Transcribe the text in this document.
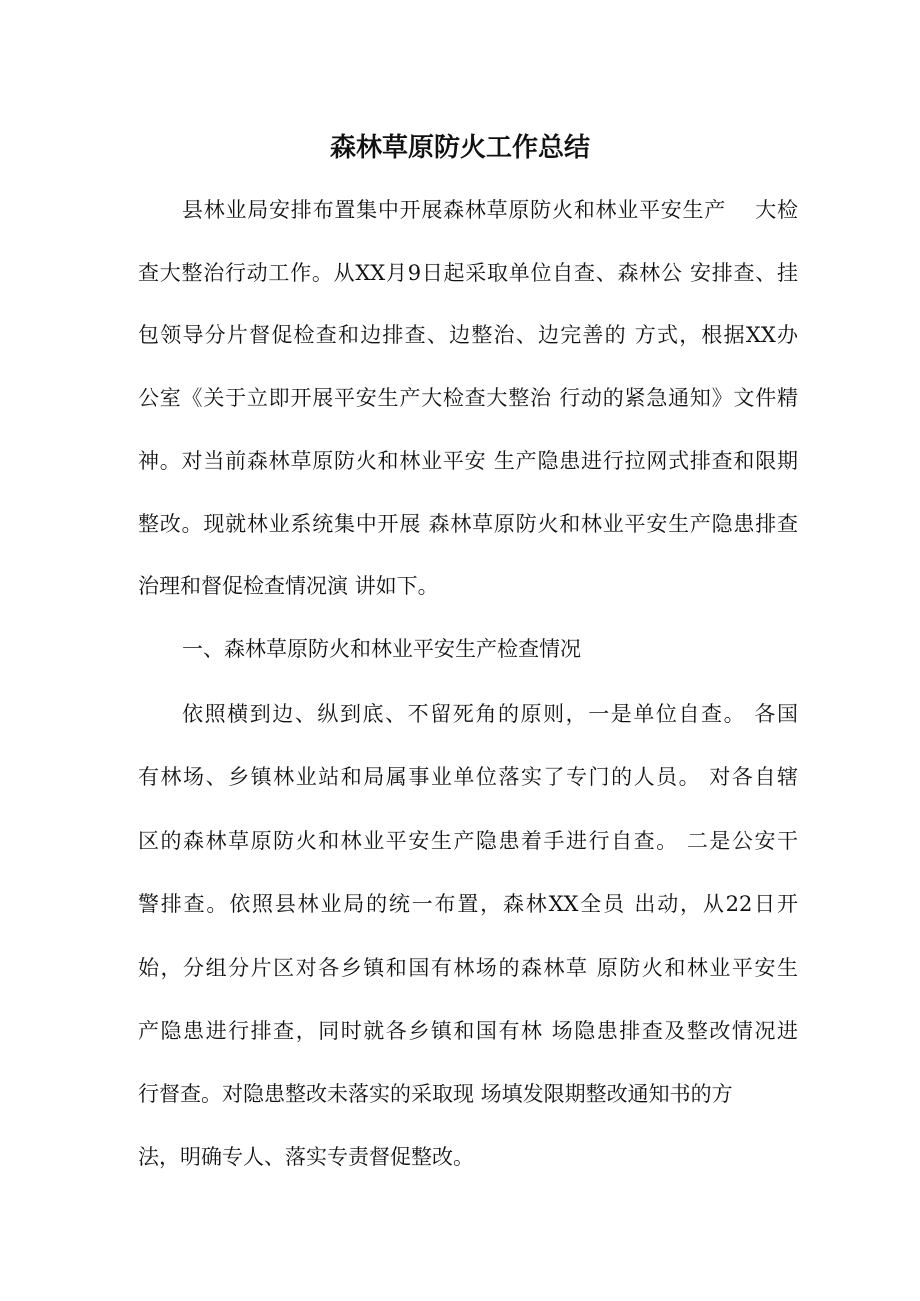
森林草原防火工作总结

县林业局安排布置集中开展森林草原防火和林业平安生产　 大检

查大整治行动工作。从XX月9日起采取单位自查、森林公 安排查、挂

包领导分片督促检查和边排查、边整治、边完善的 方式，根据XX办

公室《关于立即开展平安生产大检查大整治 行动的紧急通知》文件精

神。对当前森林草原防火和林业平安 生产隐患进行拉网式排查和限期

整改。现就林业系统集中开展 森林草原防火和林业平安生产隐患排查

治理和督促检查情况演 讲如下。

一、森林草原防火和林业平安生产检查情况

依照横到边、纵到底、不留死角的原则，一是单位自查。 各国

有林场、乡镇林业站和局属事业单位落实了专门的人员。 对各自辖

区的森林草原防火和林业平安生产隐患着手进行自查。 二是公安干

警排查。依照县林业局的统一布置，森林XX全员 出动，从22日开

始，分组分片区对各乡镇和国有林场的森林草 原防火和林业平安生

产隐患进行排查，同时就各乡镇和国有林 场隐患排查及整改情况进

行督查。对隐患整改未落实的采取现 场填发限期整改通知书的方

法，明确专人、落实专责督促整改。
